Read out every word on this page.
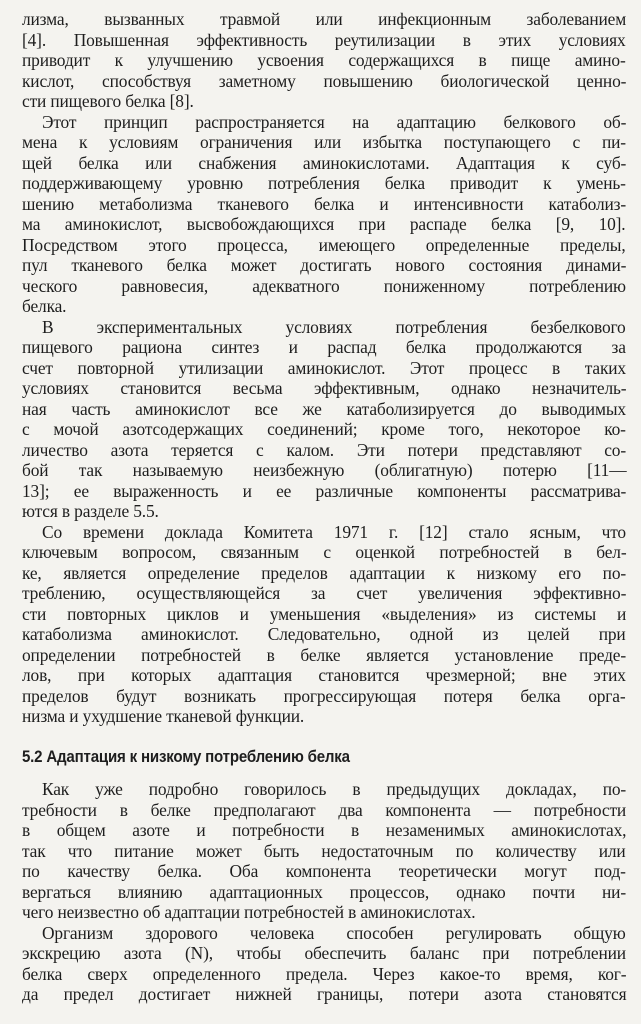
лизма, вызванных травмой или инфекционным заболеванием
[4]. Повышенная эффективность реутилизации в этих условиях
приводит к улучшению усвоения содержащихся в пище амино-
кислот, способствуя заметному повышению биологической ценно-
сти пищевого белка [8].
Этот принцип распространяется на адаптацию белкового об-
мена к условиям ограничения или избытка поступающего с пи-
щей белка или снабжения аминокислотами. Адаптация к суб-
поддерживающему уровню потребления белка приводит к умень-
шению метаболизма тканевого белка и интенсивности катаболиз-
ма аминокислот, высвобождающихся при распаде белка [9, 10].
Посредством этого процесса, имеющего определенные пределы,
пул тканевого белка может достигать нового состояния динами-
ческого равновесия, адекватного пониженному потреблению
белка.
В экспериментальных условиях потребления безбелкового
пищевого рациона синтез и распад белка продолжаются за
счет повторной утилизации аминокислот. Этот процесс в таких
условиях становится весьма эффективным, однако незначитель-
ная часть аминокислот все же катаболизируется до выводимых
с мочой азотсодержащих соединений; кроме того, некоторое ко-
личество азота теряется с калом. Эти потери представляют со-
бой так называемую неизбежную (облигатную) потерю [11—
13]; ее выраженность и ее различные компоненты рассматрива-
ются в разделе 5.5.
Со времени доклада Комитета 1971 г. [12] стало ясным, что
ключевым вопросом, связанным с оценкой потребностей в бел-
ке, является определение пределов адаптации к низкому его по-
треблению, осуществляющейся за счет увеличения эффективно-
сти повторных циклов и уменьшения «выделения» из системы и
катаболизма аминокислот. Следовательно, одной из целей при
определении потребностей в белке является установление преде-
лов, при которых адаптация становится чрезмерной; вне этих
пределов будут возникать прогрессирующая потеря белка орга-
низма и ухудшение тканевой функции.
5.2 Адаптация к низкому потреблению белка
Как уже подробно говорилось в предыдущих докладах, по-
требности в белке предполагают два компонента — потребности
в общем азоте и потребности в незаменимых аминокислотах,
так что питание может быть недостаточным по количеству или
по качеству белка. Оба компонента теоретически могут под-
вергаться влиянию адаптационных процессов, однако почти ни-
чего неизвестно об адаптации потребностей в аминокислотах.
Организм здорового человека способен регулировать общую
экскрецию азота (N), чтобы обеспечить баланс при потреблении
белка сверх определенного предела. Через какое-то время, ког-
да предел достигает нижней границы, потери азота становятся
